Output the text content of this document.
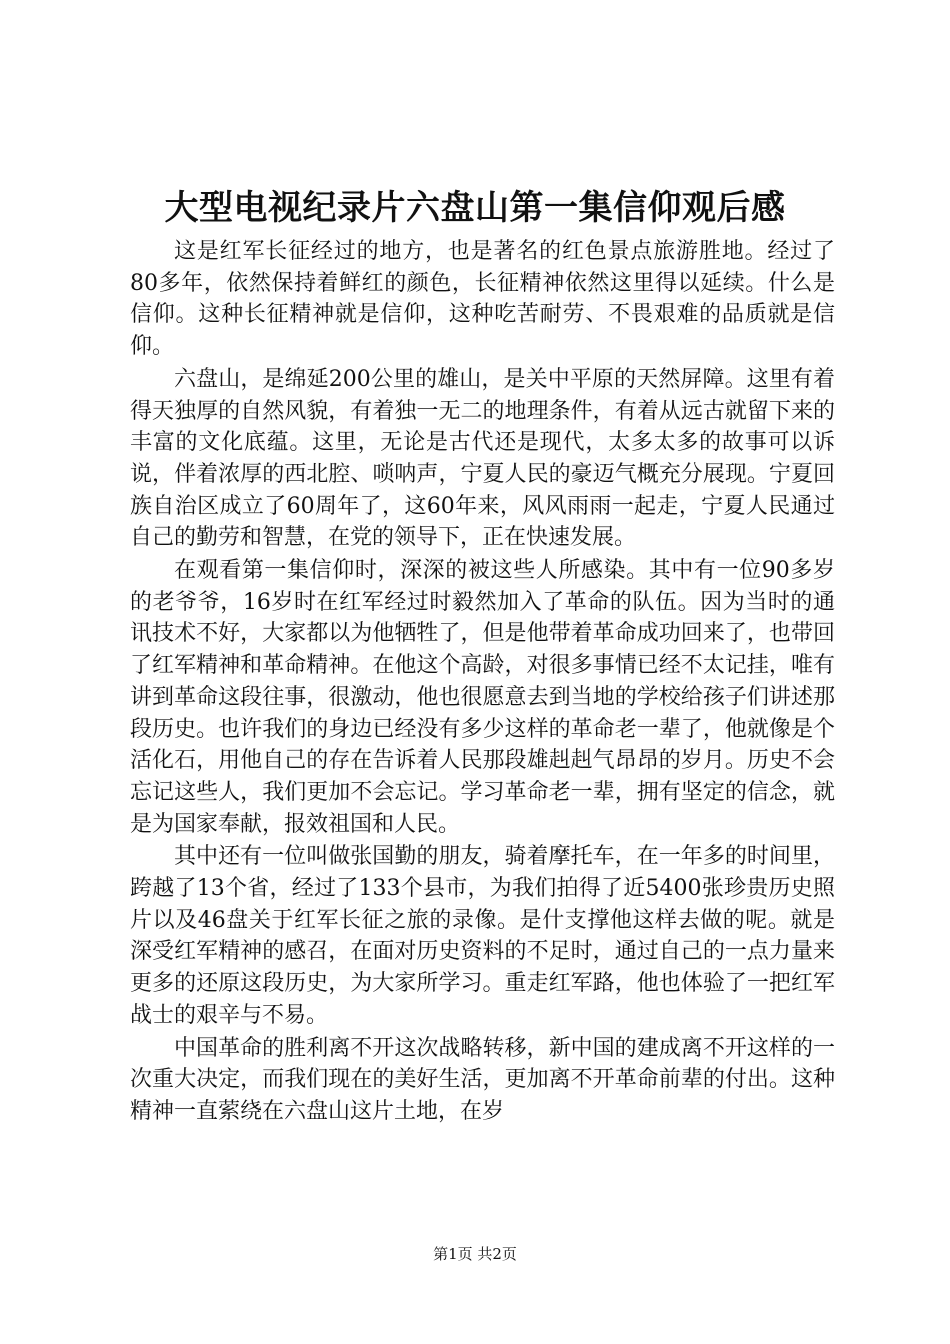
大型电视纪录片六盘山第一集信仰观后感

这是红军长征经过的地方，也是著名的红色景点旅游胜地。经过了80多年，依然保持着鲜红的颜色，长征精神依然这里得以延续。什么是信仰。这种长征精神就是信仰，这种吃苦耐劳、不畏艰难的品质就是信仰。

六盘山，是绵延200公里的雄山，是关中平原的天然屏障。这里有着得天独厚的自然风貌，有着独一无二的地理条件，有着从远古就留下来的丰富的文化底蕴。这里，无论是古代还是现代，太多太多的故事可以诉说，伴着浓厚的西北腔、唢呐声，宁夏人民的豪迈气概充分展现。宁夏回族自治区成立了60周年了，这60年来，风风雨雨一起走，宁夏人民通过自己的勤劳和智慧，在党的领导下，正在快速发展。

在观看第一集信仰时，深深的被这些人所感染。其中有一位90多岁的老爷爷，16岁时在红军经过时毅然加入了革命的队伍。因为当时的通讯技术不好，大家都以为他牺牲了，但是他带着革命成功回来了，也带回了红军精神和革命精神。在他这个高龄，对很多事情已经不太记挂，唯有讲到革命这段往事，很激动，他也很愿意去到当地的学校给孩子们讲述那段历史。也许我们的身边已经没有多少这样的革命老一辈了，他就像是个活化石，用他自己的存在告诉着人民那段雄赳赳气昂昂的岁月。历史不会忘记这些人，我们更加不会忘记。学习革命老一辈，拥有坚定的信念，就是为国家奉献，报效祖国和人民。

其中还有一位叫做张国勤的朋友，骑着摩托车，在一年多的时间里，跨越了13个省，经过了133个县市，为我们拍得了近5400张珍贵历史照片以及46盘关于红军长征之旅的录像。是什支撑他这样去做的呢。就是深受红军精神的感召，在面对历史资料的不足时，通过自己的一点力量来更多的还原这段历史，为大家所学习。重走红军路，他也体验了一把红军战士的艰辛与不易。

中国革命的胜利离不开这次战略转移，新中国的建成离不开这样的一次重大决定，而我们现在的美好生活，更加离不开革命前辈的付出。这种精神一直萦绕在六盘山这片土地，在岁

第1页 共2页
